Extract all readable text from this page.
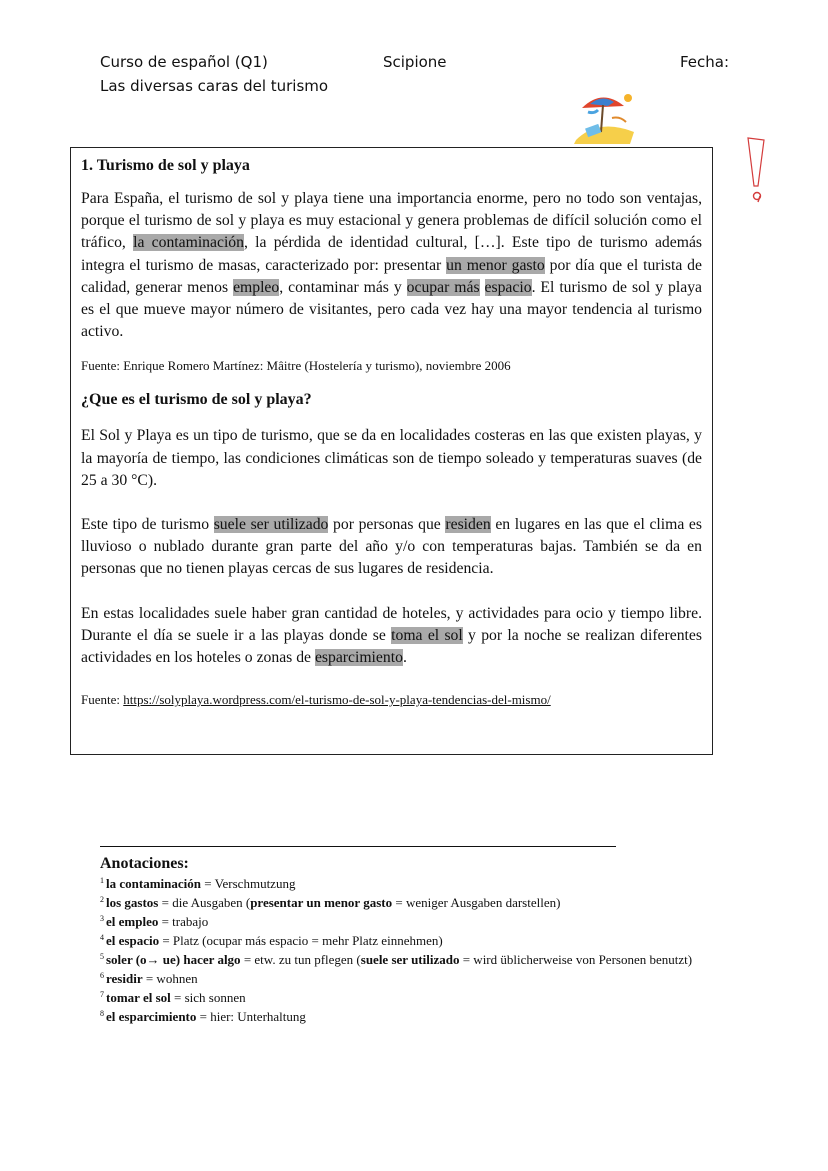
Curso de español (Q1)
Las diversas caras del turismo
Scipione	Fecha:
1. Turismo de sol y playa
Para España, el turismo de sol y playa tiene una importancia enorme, pero no todo son ventajas, porque el turismo de sol y playa es muy estacional y genera problemas de difícil solución como el tráfico, la contaminación, la pérdida de identidad cultural, […]. Este tipo de turismo además integra el turismo de masas, caracterizado por: presentar un menor gasto por día que el turista de calidad, generar menos empleo, contaminar más y ocupar más espacio. El turismo de sol y playa es el que mueve mayor número de visitantes, pero cada vez hay una mayor tendencia al turismo activo.
Fuente: Enrique Romero Martínez: Mâitre (Hostelería y turismo), noviembre 2006
¿Que es el turismo de sol y playa?
El Sol y Playa es un tipo de turismo, que se da en localidades costeras en las que existen playas, y la mayoría de tiempo, las condiciones climáticas son de tiempo soleado y temperaturas suaves (de 25 a 30 °C).
Este tipo de turismo suele ser utilizado por personas que residen en lugares en las que el clima es lluvioso o nublado durante gran parte del año y/o con temperaturas bajas. También se da en personas que no tienen playas cercas de sus lugares de residencia.
En estas localidades suele haber gran cantidad de hoteles, y actividades para ocio y tiempo libre. Durante el día se suele ir a las playas donde se toma el sol y por la noche se realizan diferentes actividades en los hoteles o zonas de esparcimiento.
Fuente: https://solyplaya.wordpress.com/el-turismo-de-sol-y-playa-tendencias-del-mismo/
Anotaciones:
$^1$ la contaminación = Verschmutzung
$^2$ los gastos = die Ausgaben (presentar un menor gasto = weniger Ausgaben darstellen)
$^3$ el empleo = trabajo
$^4$ el espacio = Platz (ocupar más espacio = mehr Platz einnehmen)
$^5$ soler (o→ ue) hacer algo = etw. zu tun pflegen (suele ser utilizado = wird üblicherweise von Personen benutzt)
$^6$ residir = wohnen
$^7$ tomar el sol = sich sonnen
$^8$ el esparcimiento = hier: Unterhaltung
